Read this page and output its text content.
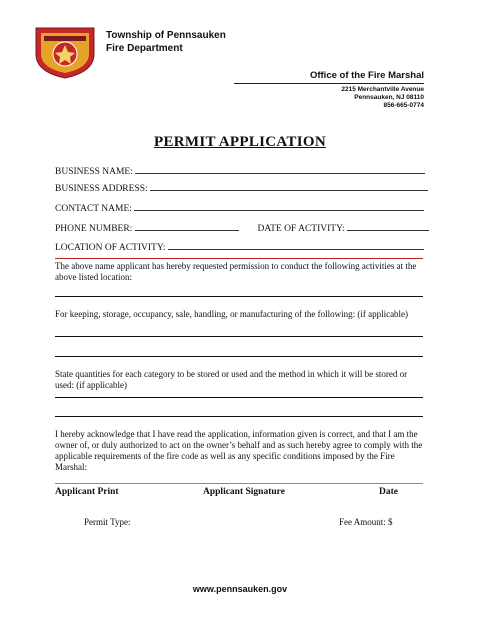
Township of Pennsauken
Fire Department
Office of the Fire Marshal
2215 Merchantville Avenue
Pennsauken, NJ 08110
856-665-0774
PERMIT APPLICATION
BUSINESS NAME:
BUSINESS ADDRESS:
CONTACT NAME:
PHONE NUMBER:	DATE OF ACTIVITY:
LOCATION OF ACTIVITY:
The above name applicant has hereby requested permission to conduct the following activities at the above listed location:
For keeping, storage, occupancy, sale, handling, or manufacturing of the following: (if applicable)
State quantities for each category to be stored or used and the method in which it will be stored or used: (if applicable)
I hereby acknowledge that I have read the application, information given is correct, and that I am the owner of, or duly authorized to act on the owner’s behalf and as such hereby agree to comply with the applicable requirements of the fire code as well as any specific conditions imposed by the Fire Marshal:
Applicant Print	Applicant Signature	Date
Permit Type:	Fee Amount: $
www.pennsauken.gov
